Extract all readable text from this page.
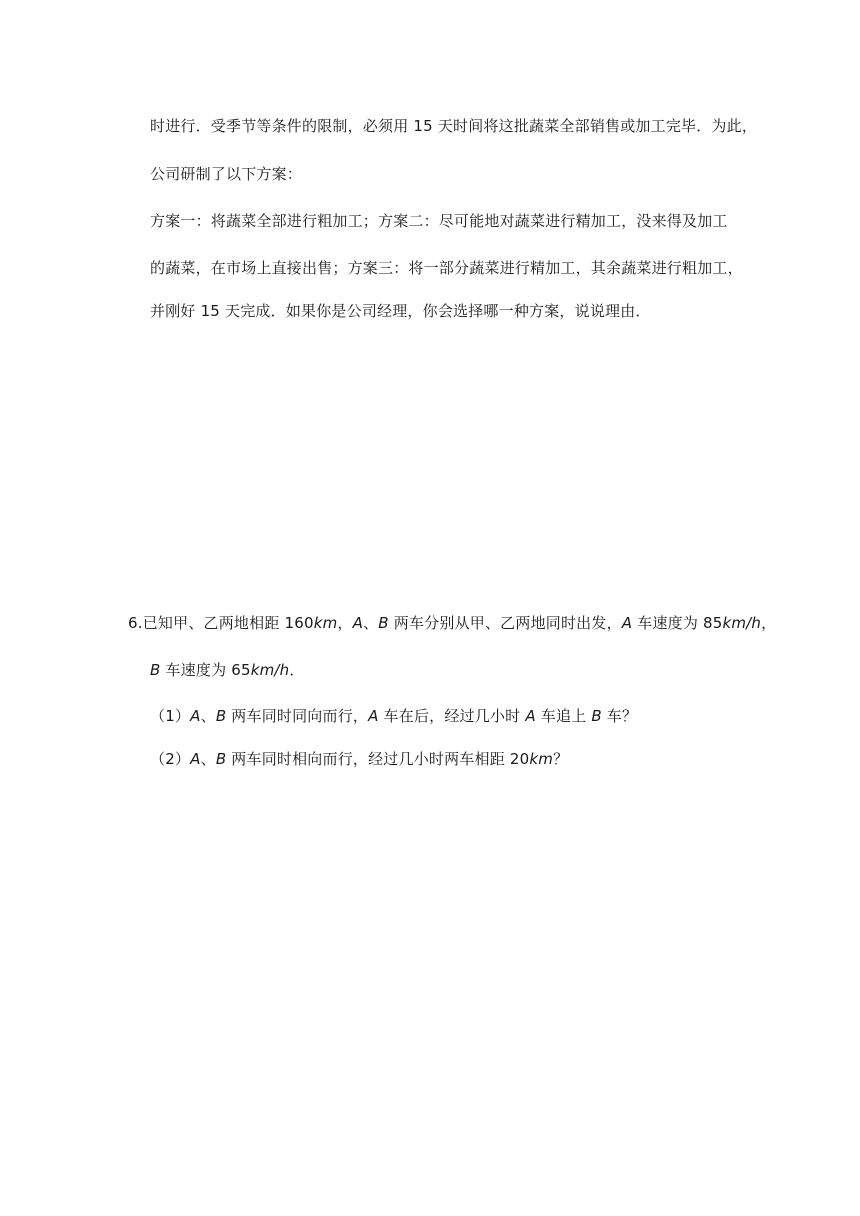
时进行．受季节等条件的限制，必须用 15 天时间将这批蔬菜全部销售或加工完毕．为此，
公司研制了以下方案：
方案一：将蔬菜全部进行粗加工；方案二：尽可能地对蔬菜进行精加工，没来得及加工
的蔬菜，在市场上直接出售；方案三：将一部分蔬菜进行精加工，其余蔬菜进行粗加工，
并刚好 15 天完成．如果你是公司经理，你会选择哪一种方案，说说理由．
6.已知甲、乙两地相距 160km，A、B 两车分别从甲、乙两地同时出发，A 车速度为 85km/h，
B 车速度为 65km/h．
（1）A、B 两车同时同向而行，A 车在后，经过几小时 A 车追上 B 车？
（2）A、B 两车同时相向而行，经过几小时两车相距 20km？
